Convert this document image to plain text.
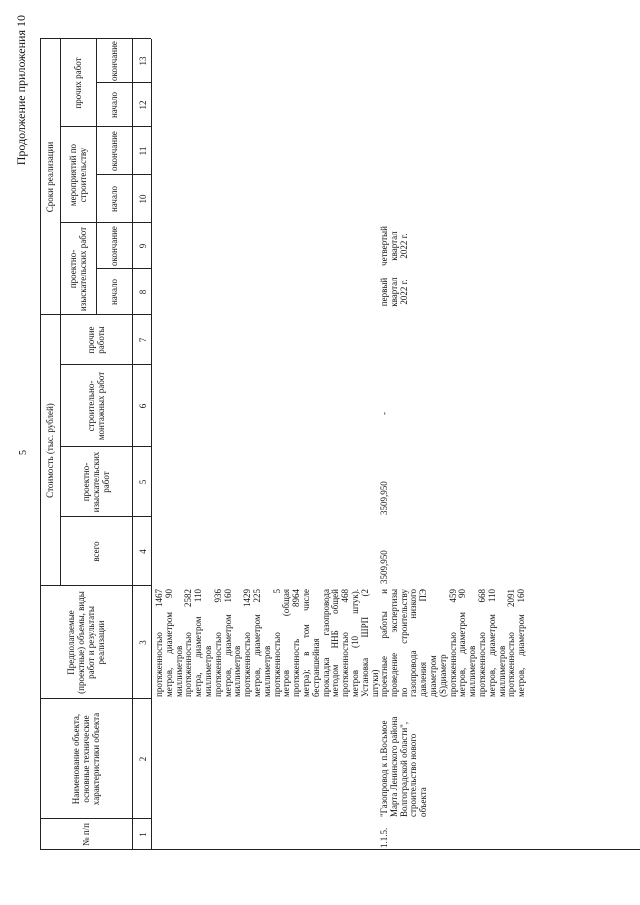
5
Продолжение приложения 10
№ п/п
Наименование объекта, основные технические характеристики объекта
Предполагаемые (проектные) объемы, виды работ и результаты реализации
Стоимость (тыс. рублей)
всего
проектно-изыскательских работ
строительно-монтажных работ
прочие работы
Сроки реализации
проектно-изыскательских работ
мероприятий по строительству
прочих работ
начало
окончание
начало
окончание
начало
окончание
1
2
3
4
5
6
7
8
9
10
11
12
13
протяженностью 1467 метров, диаметром 90 миллиметров протяженностью 2582 метра, диаметром 110 миллиметров протяженностью 936 метров, диаметром 160 миллиметров протяженностью 1429 метров, диаметром 225 миллиметров протяженностью 5 метров (общая протяженность 8964 метра); в том числе бестраншейная прокладка газопровода методом ННБ общей протяженностью 468 метров (10 штук). Установка ШРП (2 штуки)
1.1.5.
"Газопровод к п.Восьмое Марта Ленинского района Волгоградской области", строительство нового объекта
проектные работы и проведение экспертизы по строительству газопровода низкого давления ПЭ диаметром (S)диаметр протяженностью 459 метров, диаметром 90 миллиметров протяженностью 668 метров, диаметром 110 миллиметров протяженностью 2091 метров, диаметром 160
3509,950
3509,950
-
первый квартал 2022 г.
четвертый квартал 2022 г.
